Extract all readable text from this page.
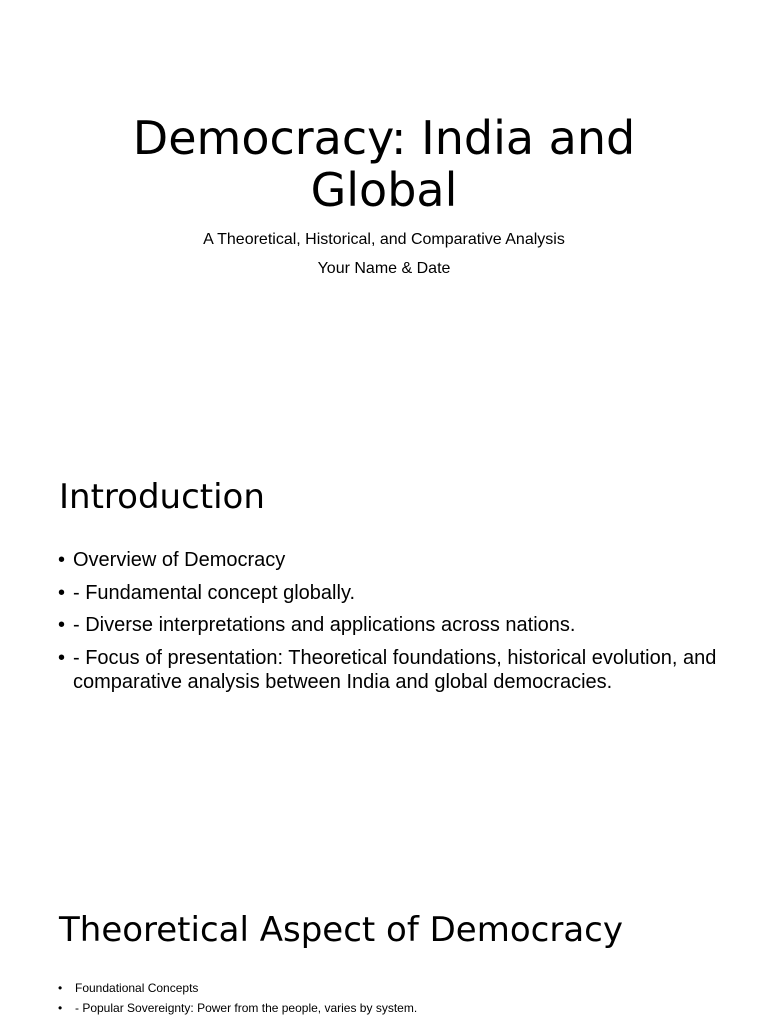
Democracy: India and Global

A Theoretical, Historical, and Comparative Analysis

Your Name & Date

Introduction
• Overview of Democracy
• - Fundamental concept globally.
• - Diverse interpretations and applications across nations.
• - Focus of presentation: Theoretical foundations, historical evolution, and comparative analysis between India and global democracies.
Theoretical Aspect of Democracy
• Foundational Concepts
• - Popular Sovereignty: Power from the people, varies by system.
